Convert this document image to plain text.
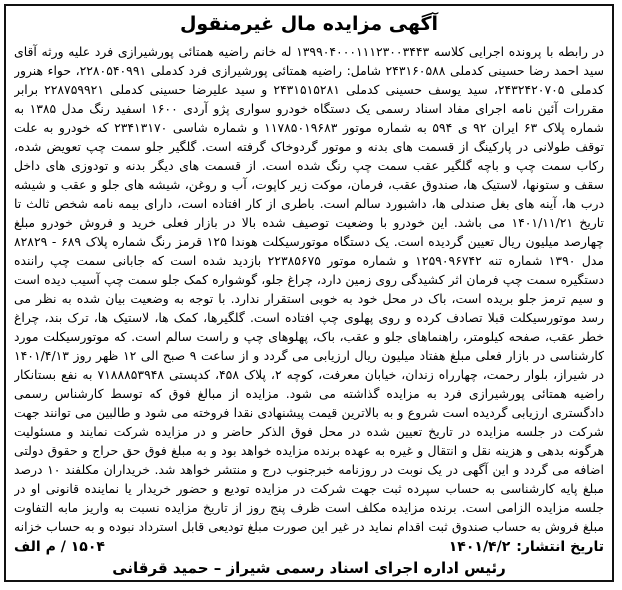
آگهی مزایده مال غیرمنقول
در رابطه با پرونده اجرایی کلاسه ۱۳۹۹۰۴۰۰۰۱۱۱۲۳۰۰۳۴۴۳ له خانم راضیه همتائی پورشیرازی فرد علیه ورثه آقای سید احمد رضا حسینی کدملی ۲۴۳۱۶۰۵۸۸ شامل: راضیه همتائی پورشیرازی فرد کدملی ۲۲۸۰۵۴۰۹۹۱، حواء هنرور کدملی ۲۴۳۲۴۲۰۷۰۵، سید یوسف حسینی کدملی ۲۴۳۱۵۱۵۲۸۱ و سید علیرضا حسینی کدملی ۲۲۸۷۵۹۹۲۱ برابر مقررات آئین نامه اجرای مفاد اسناد رسمی یک دستگاه خودرو سواری پژو آردی ۱۶۰۰ اسفید رنگ مدل ۱۳۸۵ به شماره پلاک ۶۳ ایران ۹۲ ی ۵۹۴ به شماره موتور ۱۱۷۸۵۰۱۹۶۸۳ و شماره شاسی ۲۳۴۱۳۱۷۰ که خودرو به علت توقف طولانی در پارکینگ از قسمت های بدنه و موتور گردوخاک گرفته است. گلگیر جلو سمت چپ تعویض شده، رکاب سمت چپ و باچه گلگیر عقب سمت چپ رنگ شده است. از قسمت های دیگر بدنه و تودوزی های داخل سقف و ستونها، لاستیک ها، صندوق عقب، فرمان، موکت زیر کاپوت، آب و روغن، شیشه های جلو و عقب و شیشه درب ها، آینه های بغل صندلی ها، داشبورد سالم است. باطری از کار افتاده است، دارای بیمه نامه شخص ثالث تا تاریخ ۱۴۰۱/۱۱/۲۱ می باشد. این خودرو با وضعیت توصیف شده بالا در بازار فعلی خرید و فروش خودرو مبلغ چهارصد میلیون ریال تعیین گردیده است. یک دستگاه موتورسیکلت هوندا ۱۲۵ قرمز رنگ شماره پلاک ۶۸۹ - ۸۲۸۲۹ مدل ۱۳۹۰ شماره تنه ۱۲۵۹۰۹۶۷۴۲ و شماره موتور ۲۲۳۸۵۶۷۵ بازدید شده است که جابانی سمت چپ راننده دستگیره سمت چپ فرمان اثر کشیدگی روی زمین دارد، چراغ جلو، گوشواره کمک جلو سمت چپ آسیب دیده است و سیم ترمز جلو بریده است، باک در محل خود به خوبی استقرار ندارد. با توجه به وضعیت بیان شده به نظر می رسد موتورسیکلت قبلا تصادف کرده و روی پهلوی چپ افتاده است. گلگیرها، کمک ها، لاستیک ها، ترک بند، چراغ خطر عقب، صفحه کیلومتر، راهنماهای جلو و عقب، باک، پهلوهای چپ و راست سالم است. که موتورسیکلت مورد کارشناسی در بازار فعلی مبلغ هفتاد میلیون ریال ارزیابی می گردد و از ساعت ۹ صبح الی ۱۲ ظهر روز ۱۴۰۱/۴/۱۳ در شیراز، بلوار رحمت، چهارراه زندان، خیابان معرفت، کوچه ۲، پلاک ۴۵۸، کدپستی ۷۱۸۸۸۵۳۹۴۸ به نفع بستانکار راضیه همتائی پورشیرازی فرد به مزایده گذاشته می شود. مزایده از مبالغ فوق که توسط کارشناس رسمی دادگستری ارزیابی گردیده است شروع و به بالاترین قیمت پیشنهادی نقدا فروخته می شود و طالبین می توانند جهت شرکت در جلسه مزایده در تاریخ تعیین شده در محل فوق الذکر حاضر و در مزایده شرکت نمایند و مسئولیت هرگونه بدهی و هزینه نقل و انتقال و غیره به عهده برنده مزایده خواهد بود و به مبلغ فوق حق حراج و حقوق دولتی اضافه می گردد و این آگهی در یک نوبت در روزنامه خبرجنوب درج و منتشر خواهد شد. خریداران مکلفند ۱۰ درصد مبلغ پایه کارشناسی به حساب سپرده ثبت جهت شرکت در مزایده تودیع و حضور خریدار یا نماینده قانونی او در جلسه مزایده الزامی است. برنده مزایده مکلف است ظرف پنج روز از تاریخ مزایده نسبت به واریز مابه التفاوت مبلغ فروش به حساب صندوق ثبت اقدام نماید در غیر این صورت مبلغ تودیعی قابل استرداد نبوده و به حساب خزانه
تاریخ انتشار:۱۴۰۱/۴/۲
۱۵۰۴ / م الف
رئیس اداره اجرای اسناد رسمی شیراز – حمید قرقانی
